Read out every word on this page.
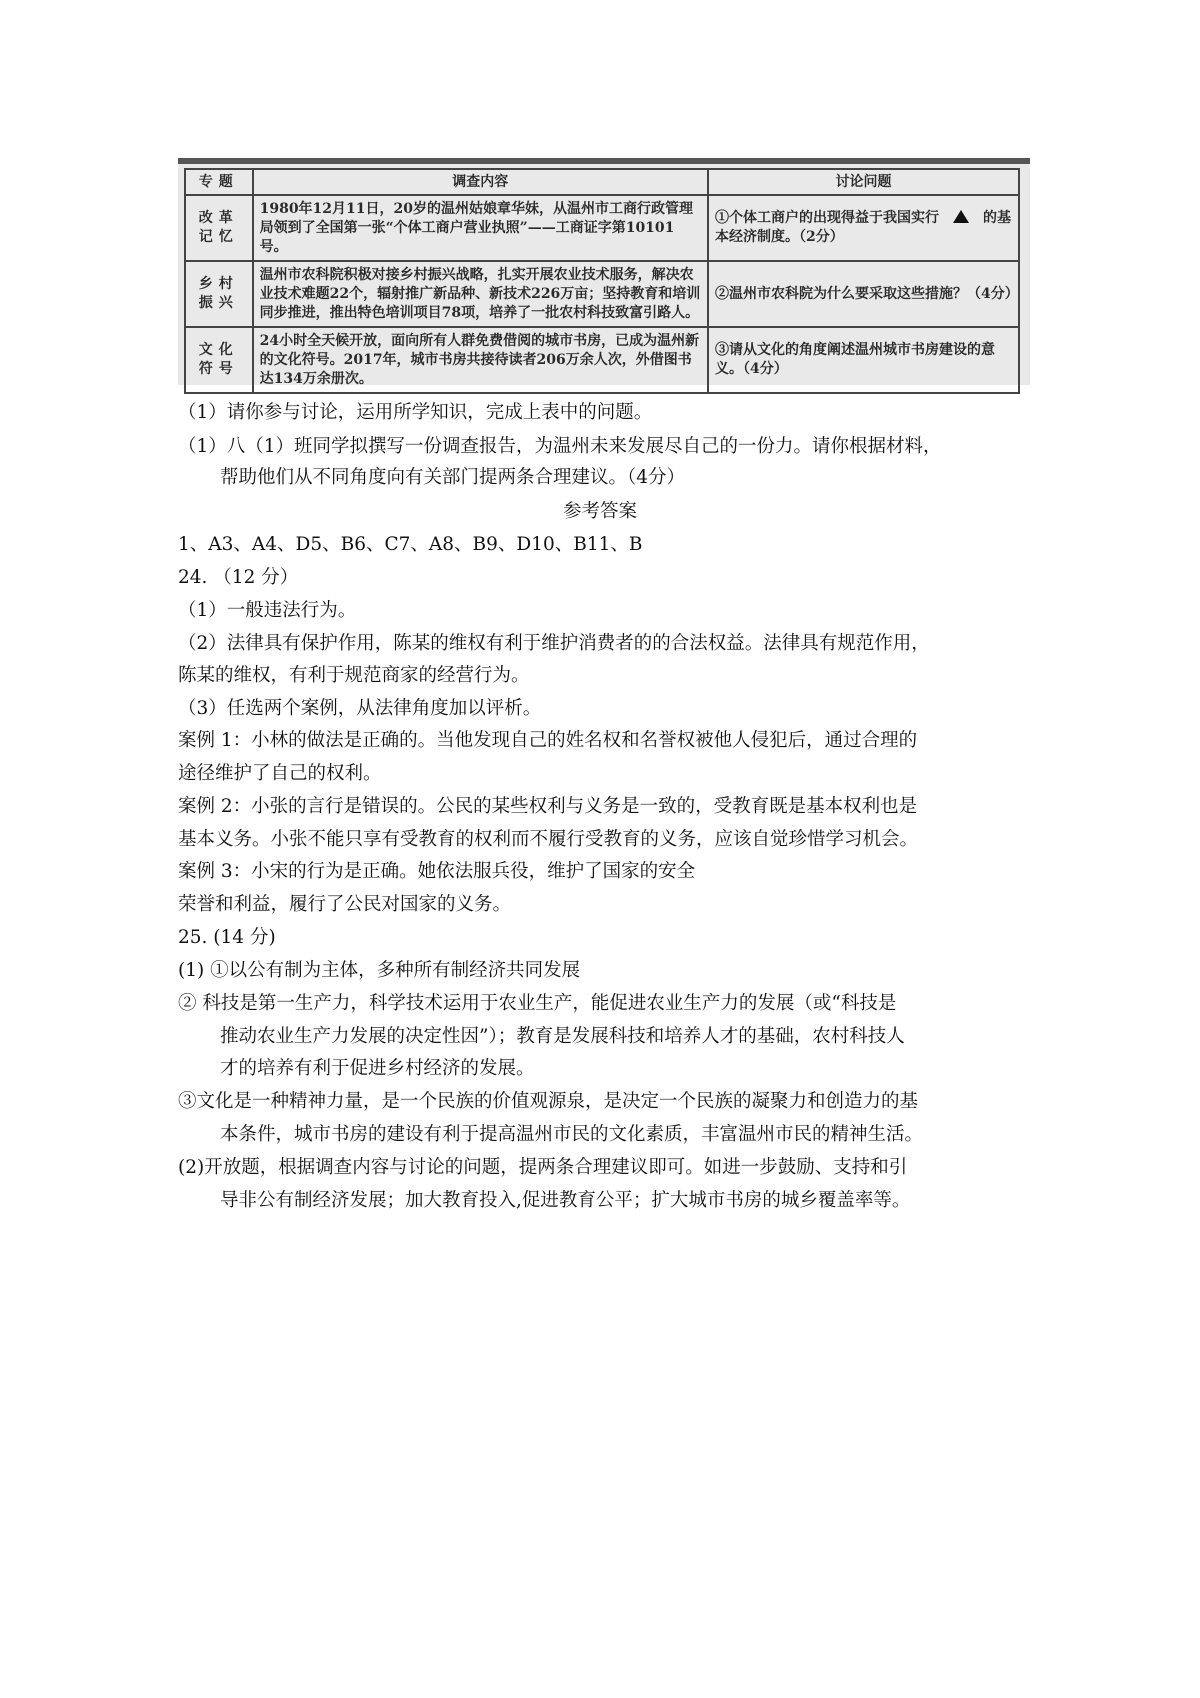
专题	调查内容	讨论问题
改革记忆	1980年12月11日，20岁的温州姑娘章华妹，从温州市工商行政管理局领到了全国第一张“个体工商户营业执照”——工商证字第10101号。	①个体工商户的出现得益于我国实行 的基本经济制度。（2分）
乡村振兴	温州市农科院积极对接乡村振兴战略，扎实开展农业技术服务，解决农业技术难题22个，辐射推广新品种、新技术226万亩；坚持教育和培训同步推进，推出特色培训项目78项，培养了一批农村科技致富引路人。	②温州市农科院为什么要采取这些措施？（4分）
文化符号	24小时全天候开放，面向所有人群免费借阅的城市书房，已成为温州新的文化符号。2017年，城市书房共接待读者206万余人次，外借图书达134万余册次。	③请从文化的角度阐述温州城市书房建设的意义。（4分）
（1）请你参与讨论，运用所学知识，完成上表中的问题。
（1）八（1）班同学拟撰写一份调查报告，为温州未来发展尽自己的一份力。请你根据材料，
帮助他们从不同角度向有关部门提两条合理建议。（4分）
参考答案
1、A3、A4、D5、B6、C7、A8、B9、D10、B11、B
24. （12 分）
（1）一般违法行为。
（2）法律具有保护作用，陈某的维权有利于维护消费者的的合法权益。法律具有规范作用，
陈某的维权，有利于规范商家的经营行为。
（3）任选两个案例，从法律角度加以评析。
案例 1：小林的做法是正确的。当他发现自己的姓名权和名誉权被他人侵犯后，通过合理的
途径维护了自己的权利。
案例 2：小张的言行是错误的。公民的某些权利与义务是一致的，受教育既是基本权利也是
基本义务。小张不能只享有受教育的权利而不履行受教育的义务，应该自觉珍惜学习机会。
案例 3：小宋的行为是正确。她依法服兵役，维护了国家的安全
荣誉和利益，履行了公民对国家的义务。
25. (14 分)
(1) ①以公有制为主体，多种所有制经济共同发展
② 科技是第一生产力，科学技术运用于农业生产，能促进农业生产力的发展（或“科技是
推动农业生产力发展的决定性因”）；教育是发展科技和培养人才的基础，农村科技人
才的培养有利于促进乡村经济的发展。
③文化是一种精神力量，是一个民族的价值观源泉，是决定一个民族的凝聚力和创造力的基
本条件，城市书房的建设有利于提高温州市民的文化素质，丰富温州市民的精神生活。
(2)开放题，根据调查内容与讨论的问题，提两条合理建议即可。如进一步鼓励、支持和引
导非公有制经济发展；加大教育投入,促进教育公平；扩大城市书房的城乡覆盖率等。
